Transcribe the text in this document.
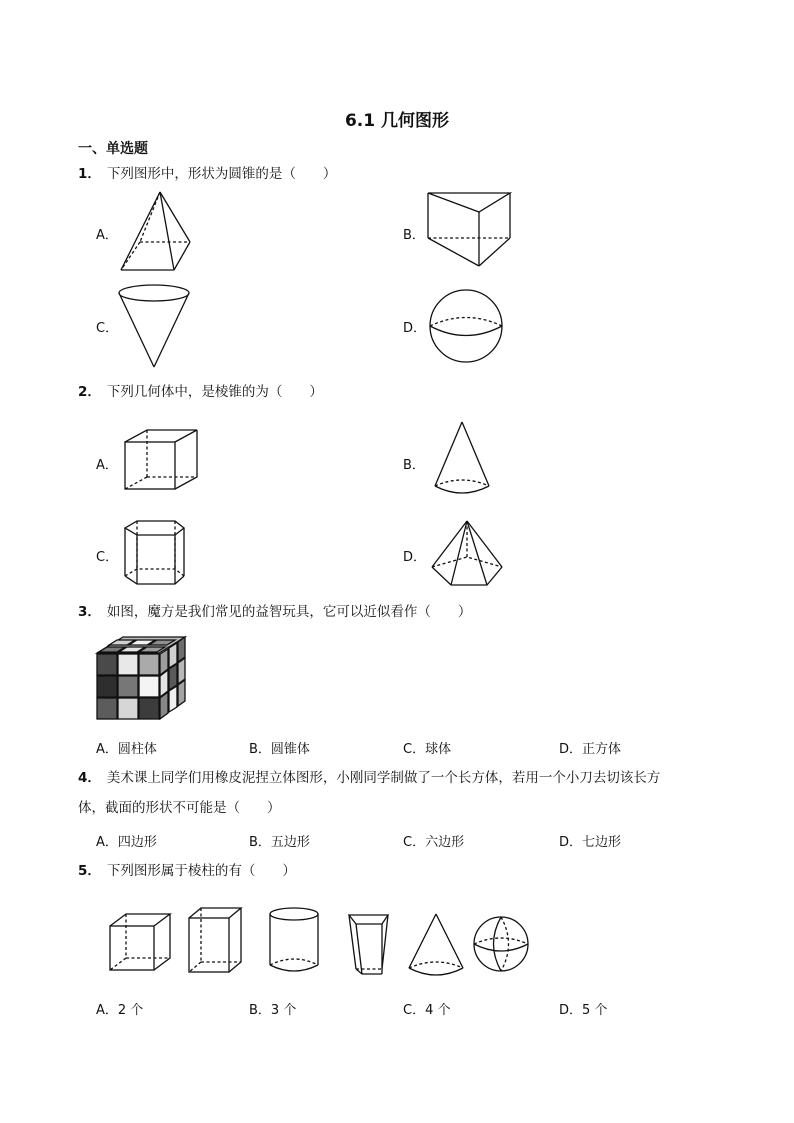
6.1 几何图形
一、单选题
1． 下列图形中，形状为圆锥的是（　　）
A．	B．
C．	D．
2． 下列几何体中，是棱锥的为（　　）
A．	B．
C．	D．
3． 如图，魔方是我们常见的益智玩具，它可以近似看作（　　）
A．圆柱体	B．圆锥体	C．球体	D．正方体
4． 美术课上同学们用橡皮泥捏立体图形，小刚同学制做了一个长方体，若用一个小刀去切该长方
体，截面的形状不可能是（　　）
A．四边形	B．五边形	C．六边形	D．七边形
5． 下列图形属于棱柱的有（　　）
A．2 个	B．3 个	C．4 个	D．5 个
